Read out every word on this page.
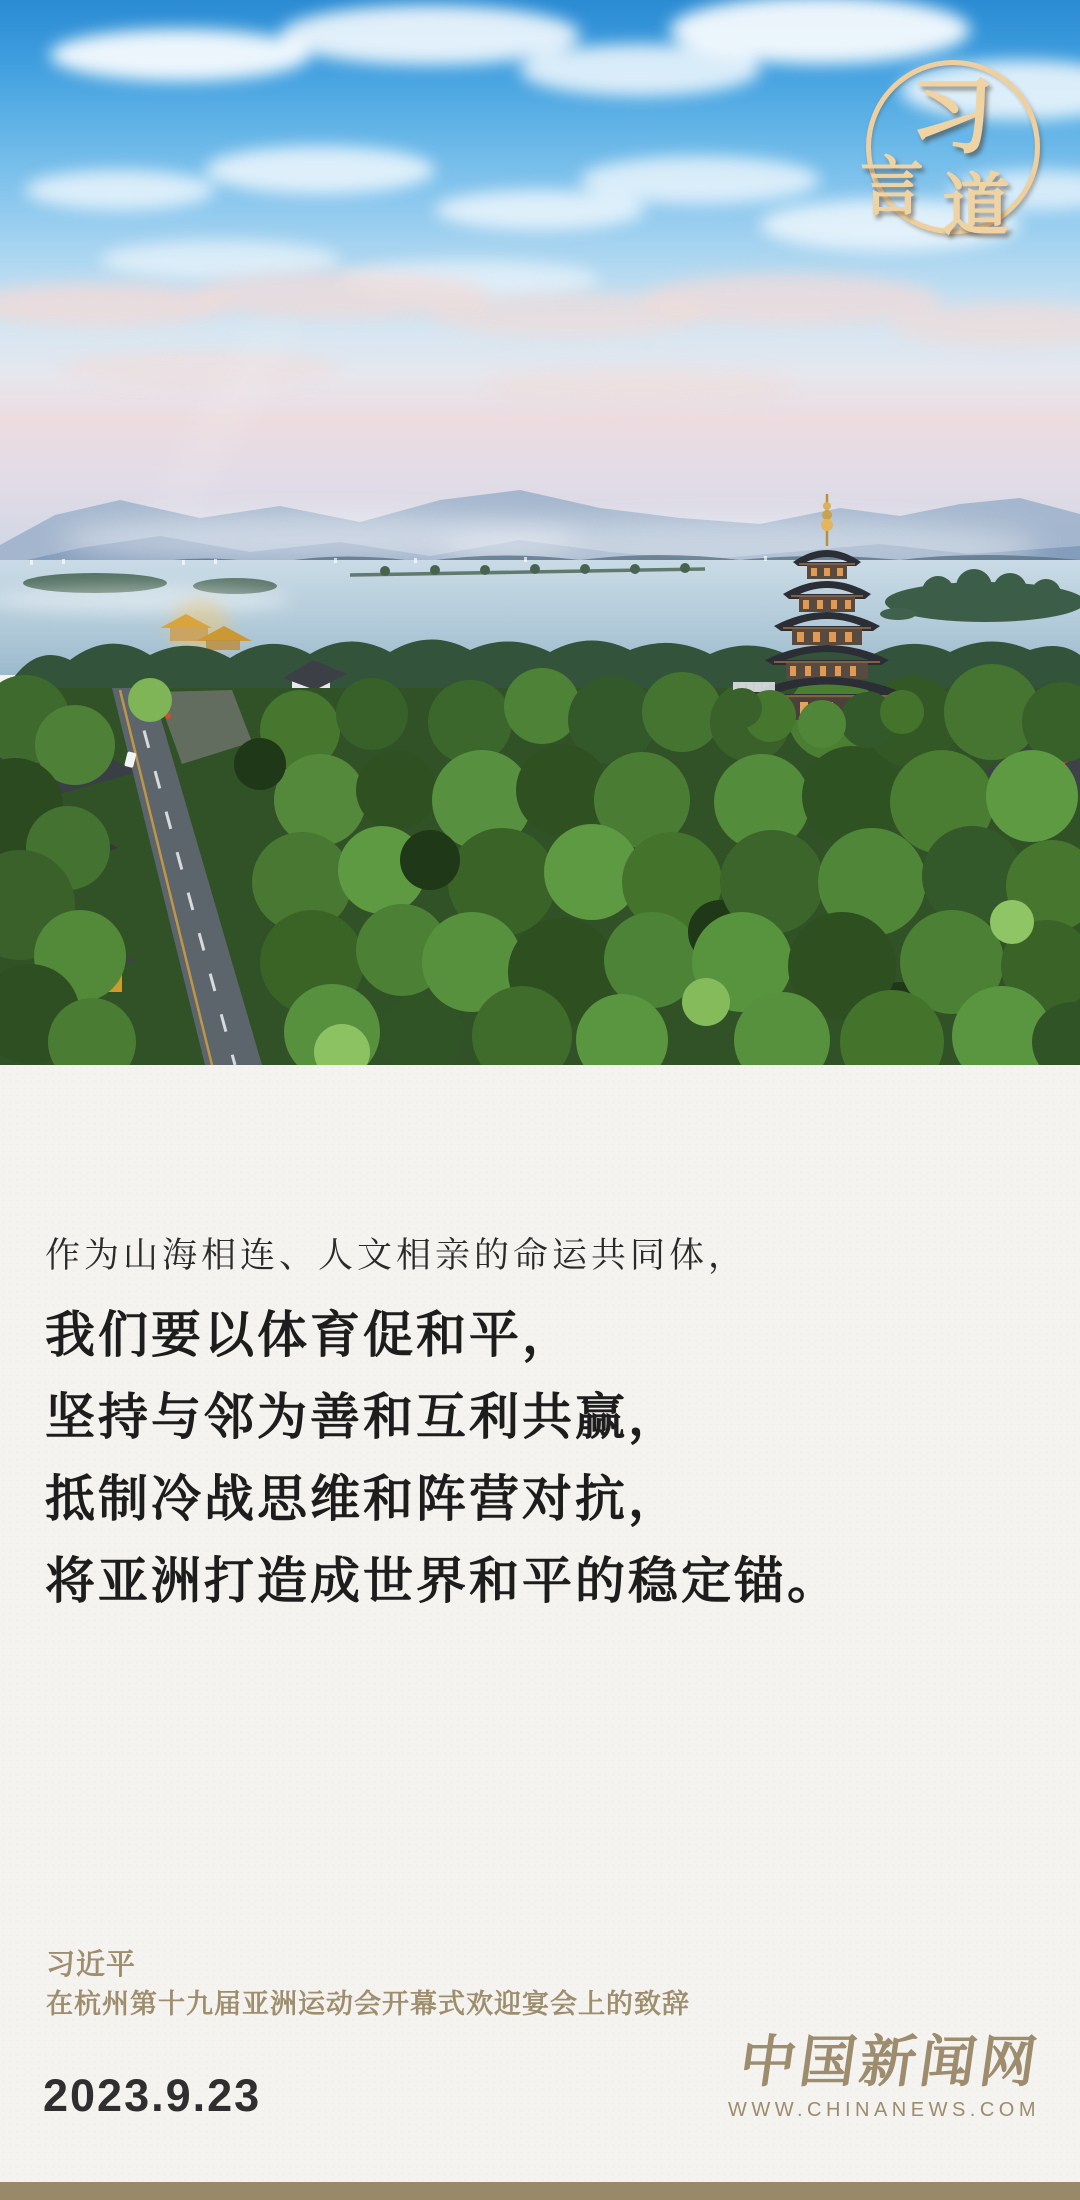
习
言 道
作为山海相连、人文相亲的命运共同体，
我们要以体育促和平，
坚持与邻为善和互利共赢，
抵制冷战思维和阵营对抗，
将亚洲打造成世界和平的稳定锚。
习近平
在杭州第十九届亚洲运动会开幕式欢迎宴会上的致辞
2023.9.23
中国新闻网
WWW.CHINANEWS.COM
